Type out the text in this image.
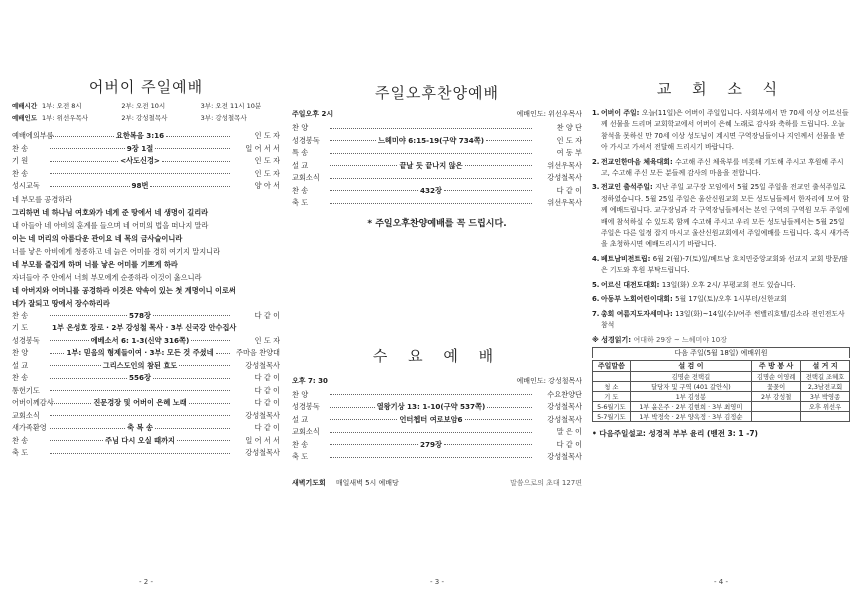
어버이 주일예배
예배시간 1부: 오전 8시	2부: 오전 10시	3부: 오전 11시 10분
예배인도 1부: 위선우목사	2부: 강성철목사	3부: 강성철목사
예배에의부름	요한복음 3:16	인 도 자
찬 송	9장 1절	일 어 서 서
기 원	<사도신경>	인 도 자
찬 송	인 도 자
성시교독	98번	양 아 서
네 부모를 공경하라
그리하면 네 하나님 여호와가 네게 준 땅에서 네 생명이 길리라
내 아들아 네 아비의 훈계를 들으며 네 어미의 법을 떠나지 말라
이는 네 머리의 아름다운 관이요 네 목의 금사슬이니라
너를 낳은 아비에게 청종하고 네 늙은 어미를 경히 여기지 말지니라
네 부모를 즐겁게 하며 너를 낳은 어미를 기쁘게 하라
자녀들아 주 안에서 너희 부모에게 순종하라 이것이 옳으니라
네 아버지와 어머니를 공경하라 이것은 약속이 있는 첫 계명이니 이로써
네가 잘되고 땅에서 장수하리라
찬 송	578장	다 같 이
기 도	1부 온성호 장로 · 2부 강성철 목사 · 3부 신국강 안수집사
성경봉독	에베소서 6: 1-3(신약 316쪽)	인 도 자
찬 양	1부: 믿음의 형제들이여 · 3부: 모든 것 주셨네	주마음 찬양대
설 교	그리스도인의 참된 효도	강성철목사
찬 송	556장	다 같 이
통헌기도	다 같 이
어버이께감사	진문경장 및 어버이 은혜 노래	다 같 이
교회소식	강성철목사
새가족환영	축 복 송	다 같 이
찬 송	주님 다시 오실 때까지	일 어 서 서
축 도	강성철목사
- 2 -
주일오후찬양예배
주일오후 2시	예배인도: 위선우목사
찬 양	찬 양 단
성경봉독	느헤미야 6:15-19(구약 734쪽)	인 도 자
특 송	여 동 부
설 교	끝날 듯 끝나지 않은	위선우목사
교회소식	강성철목사
찬 송	432장	다 같 이
축 도	위선우목사
* 주일오후찬양예배를 꼭 드립시다.
수 요 예 배
오후 7: 30	예배인도: 강성철목사
찬 양	수요찬양단
성경봉독	열왕기상 13: 1-10(구약 537쪽)	강성철목사
설 교	언터쳅터 여로보암6	강성철목사
교회소식	말 은 이
찬 송	279장	다 같 이
축 도	강성철목사
새벽기도회 매일새벽 5시 예배당	말씀으로의 초대 127편
- 3 -
교 회 소 식
1. 어버이 주일: 오늘(11일)은 어버이 주일입니다. 사회부에서 만 70세 이상 어르신들께 선물을 드리며 교회학교에서 어버이 은혜 노래로 감사와 축하를 드립니다. 오늘 참석을 못하신 만 70세 이상 성도님이 계시면 구역장님들이나 지인께서 선물을 받아 가시고 가셔서 전달해 드리시기 바랍니다.
2. 전교인한마음 체육대회: 수고해 주신 체육부를 비롯해 기도해 주시고 후원해 주시고, 수고해 주신 모든 분들께 감사의 마음을 전합니다.
3. 전교인 출석주일: 지난 주일 교구장 모임에서 5월 25일 주일을 전교인 출석주일로 정하였습니다. 5월 25일 주일은 울산신원교회 모든 성도님들께서 한자리에 모여 함께 예배드립니다. 교구장님과 각 구역장님들께서는 본인 구역의 구역원 모두 주일예배에 참석하실 수 있도록 함께 수고해 주시고 우리 모든 성도님들께서는 5월 25일 주일은 다른 일정 잡지 마시고 울산신원교회에서 주일예배를 드립니다. 혹시 새가족을 초청하시면 예배드리시기 바랍니다.
4. 베트남비전트립: 6월 2(월)-7(토)일/베트남 호치민중앙교회와 선교지 교회 방문/많은 기도와 후원 부탁드립니다.
5. 어르신 대전도대회: 13일(화) 오후 2시/ 부평교회 전도 있습니다.
6. 아동부 노회어린이대회: 5월 17일(토)/오후 1시부터/신한교회
7. 총회 여름지도자세미나: 13일(화)~14일(수)/여주 썬밸리호텔/김소라 전인전도사 참석
※ 성경읽기: 여대하 29장 ~ 느헤미야 10장
다음 주일(5월 18일) 예배위원
주일말씀	설 검 이	주 방 봉 사	설 거 지
	김명순 전택길	김명순 이영례	전택길 조혜호
청 소	달당자 및 구역 (401 갈안식)	꽃꽂이	2,3남전교회
기 도	1부 김성봉	2부 강성철	3부 박영종
5-6월기도	1부 윤은주 · 2부 김현희 · 3부 최영미		오후 위선우
5-7월기도	1부 박정숙 · 2부 양옥정 · 3부 김정순		
• 다음주일설교: 성경적 부부 윤리 (벧전 3: 1 -7)
- 4 -
